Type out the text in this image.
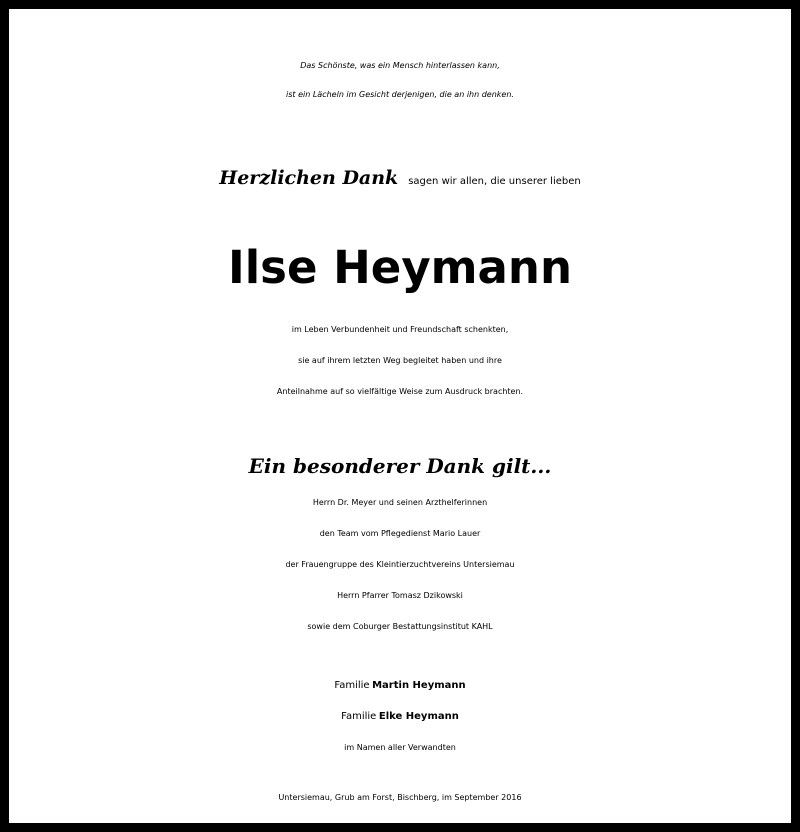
Das Schönste, was ein Mensch hinterlassen kann,
ist ein Lächeln im Gesicht derjenigen, die an ihn denken.
Herzlichen Dank sagen wir allen, die unserer lieben
Ilse Heymann
im Leben Verbundenheit und Freundschaft schenkten,
sie auf ihrem letzten Weg begleitet haben und ihre
Anteilnahme auf so vielfältige Weise zum Ausdruck brachten.
Ein besonderer Dank gilt...
Herrn Dr. Meyer und seinen Arzthelferinnen
den Team vom Pflegedienst Mario Lauer
der Frauengruppe des Kleintierzuchtvereins Untersiemau
Herrn Pfarrer Tomasz Dzikowski
sowie dem Coburger Bestattungsinstitut KAHL
Familie Martin Heymann
Familie Elke Heymann
im Namen aller Verwandten
Untersiemau, Grub am Forst, Bischberg, im September 2016
